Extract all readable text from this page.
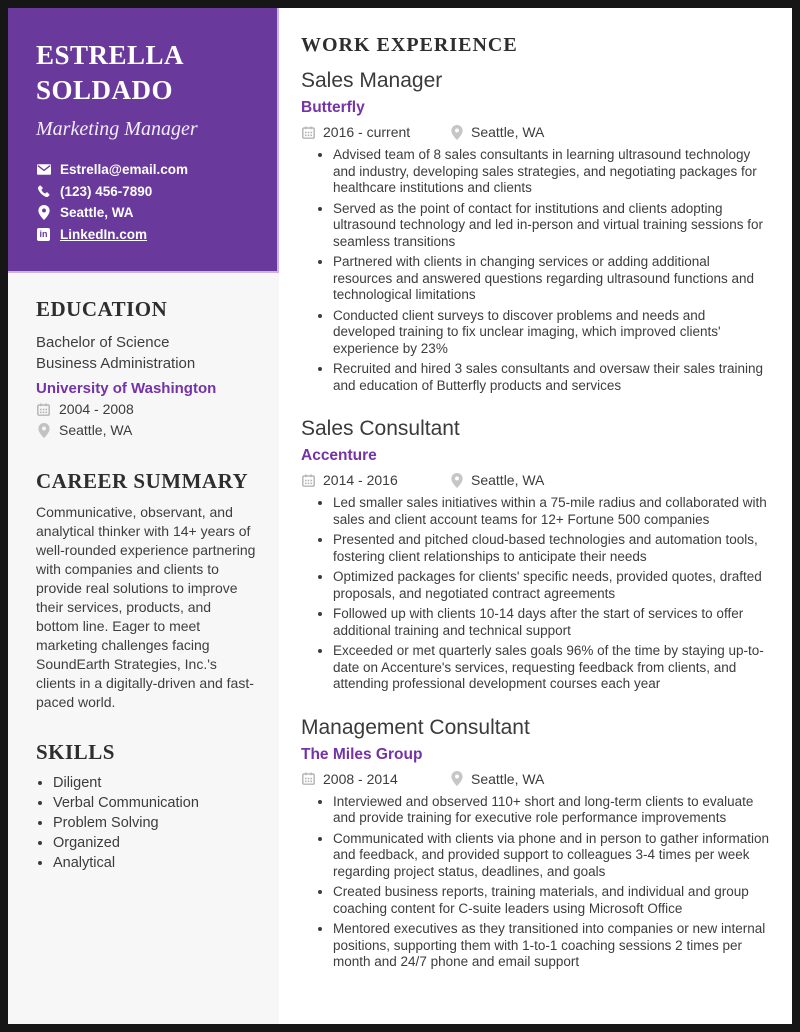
ESTRELLA
SOLDADO
Marketing Manager
Estrella@email.com
(123) 456-7890
Seattle, WA
in LinkedIn.com
EDUCATION
Bachelor of Science
Business Administration
University of Washington
2004 - 2008
Seattle, WA
CAREER SUMMARY
Communicative, observant, and analytical thinker with 14+ years of well-rounded experience partnering with companies and clients to provide real solutions to improve their services, products, and bottom line. Eager to meet marketing challenges facing SoundEarth Strategies, Inc.'s clients in a digitally-driven and fast-paced world.
SKILLS
• Diligent
• Verbal Communication
• Problem Solving
• Organized
• Analytical
WORK EXPERIENCE
Sales Manager
Butterfly
2016 - current	Seattle, WA
• Advised team of 8 sales consultants in learning ultrasound technology and industry, developing sales strategies, and negotiating packages for healthcare institutions and clients
• Served as the point of contact for institutions and clients adopting ultrasound technology and led in-person and virtual training sessions for seamless transitions
• Partnered with clients in changing services or adding additional resources and answered questions regarding ultrasound functions and technological limitations
• Conducted client surveys to discover problems and needs and developed training to fix unclear imaging, which improved clients' experience by 23%
• Recruited and hired 3 sales consultants and oversaw their sales training and education of Butterfly products and services
Sales Consultant
Accenture
2014 - 2016	Seattle, WA
• Led smaller sales initiatives within a 75-mile radius and collaborated with sales and client account teams for 12+ Fortune 500 companies
• Presented and pitched cloud-based technologies and automation tools, fostering client relationships to anticipate their needs
• Optimized packages for clients' specific needs, provided quotes, drafted proposals, and negotiated contract agreements
• Followed up with clients 10-14 days after the start of services to offer additional training and technical support
• Exceeded or met quarterly sales goals 96% of the time by staying up-to-date on Accenture's services, requesting feedback from clients, and attending professional development courses each year
Management Consultant
The Miles Group
2008 - 2014	Seattle, WA
• Interviewed and observed 110+ short and long-term clients to evaluate and provide training for executive role performance improvements
• Communicated with clients via phone and in person to gather information and feedback, and provided support to colleagues 3-4 times per week regarding project status, deadlines, and goals
• Created business reports, training materials, and individual and group coaching content for C-suite leaders using Microsoft Office
• Mentored executives as they transitioned into companies or new internal positions, supporting them with 1-to-1 coaching sessions 2 times per month and 24/7 phone and email support
